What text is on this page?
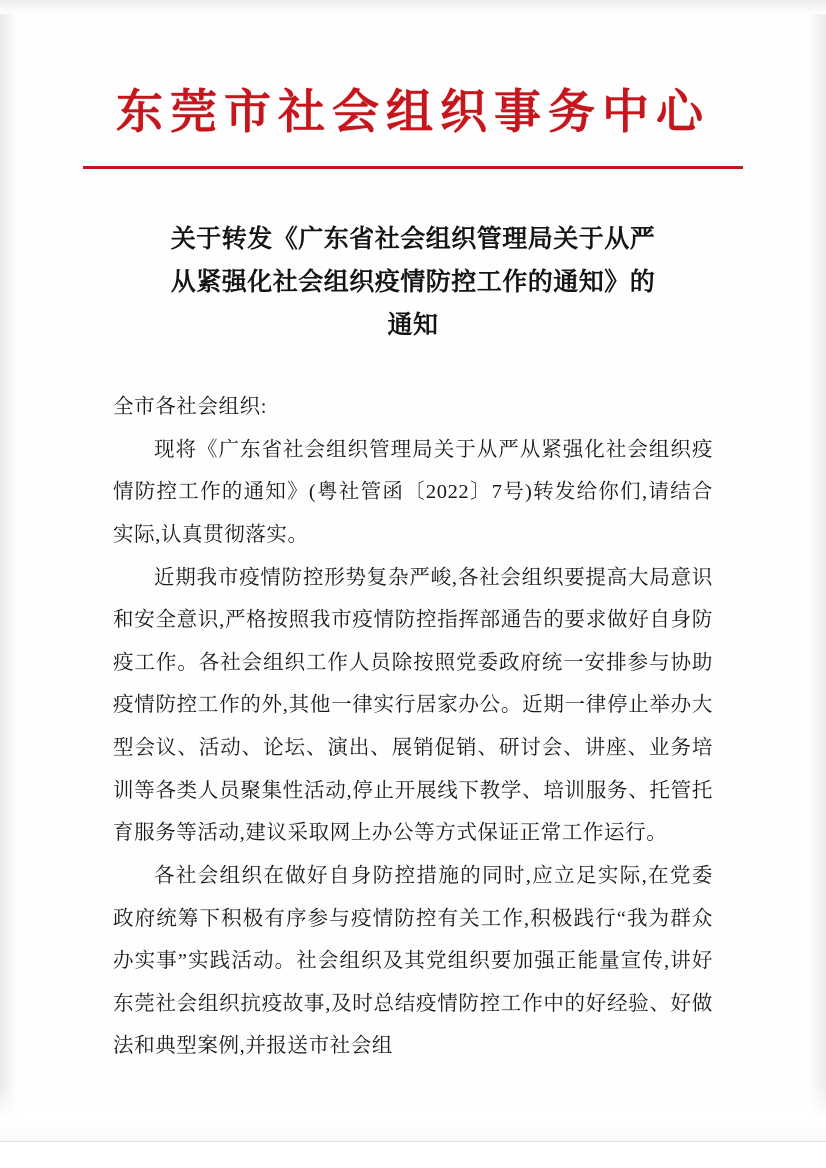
东莞市社会组织事务中心
关于转发《广东省社会组织管理局关于从严
从紧强化社会组织疫情防控工作的通知》的
通知

全市各社会组织:

现将《广东省社会组织管理局关于从严从紧强化社会组织疫情防控工作的通知》(粤社管函〔2022〕7号)转发给你们,请结合实际,认真贯彻落实。

近期我市疫情防控形势复杂严峻,各社会组织要提高大局意识和安全意识,严格按照我市疫情防控指挥部通告的要求做好自身防疫工作。各社会组织工作人员除按照党委政府统一安排参与协助疫情防控工作的外,其他一律实行居家办公。近期一律停止举办大型会议、活动、论坛、演出、展销促销、研讨会、讲座、业务培训等各类人员聚集性活动,停止开展线下教学、培训服务、托管托育服务等活动,建议采取网上办公等方式保证正常工作运行。

各社会组织在做好自身防控措施的同时,应立足实际,在党委政府统筹下积极有序参与疫情防控有关工作,积极践行“我为群众办实事”实践活动。社会组织及其党组织要加强正能量宣传,讲好东莞社会组织抗疫故事,及时总结疫情防控工作中的好经验、好做法和典型案例,并报送市社会组
